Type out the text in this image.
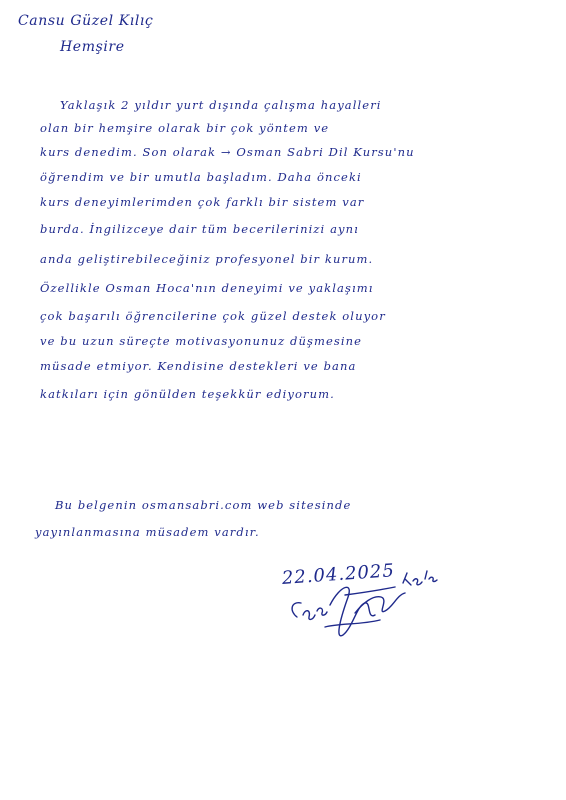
Cansu Güzel Kılıç
Hemşire
Yaklaşık 2 yıldır yurt dışında çalışma hayalleri
olan bir hemşire olarak bir çok yöntem ve
kurs denedim. Son olarak → Osman Sabri Dil Kursu'nu
öğrendim ve bir umutla başladım. Daha önceki
kurs deneyimlerimden çok farklı bir sistem var
burda. İngilizceye dair tüm becerilerinizi aynı
anda geliştirebileceğiniz profesyonel bir kurum.
Özellikle Osman Hoca'nın deneyimi ve yaklaşımı
çok başarılı öğrencilerine çok güzel destek oluyor
ve bu uzun süreçte motivasyonunuz düşmesine
müsade etmiyor. Kendisine destekleri ve bana
katkıları için gönülden teşekkür ediyorum.
Bu belgenin osmansabri.com web sitesinde
yayınlanmasına müsadem vardır.
22.04.2025
